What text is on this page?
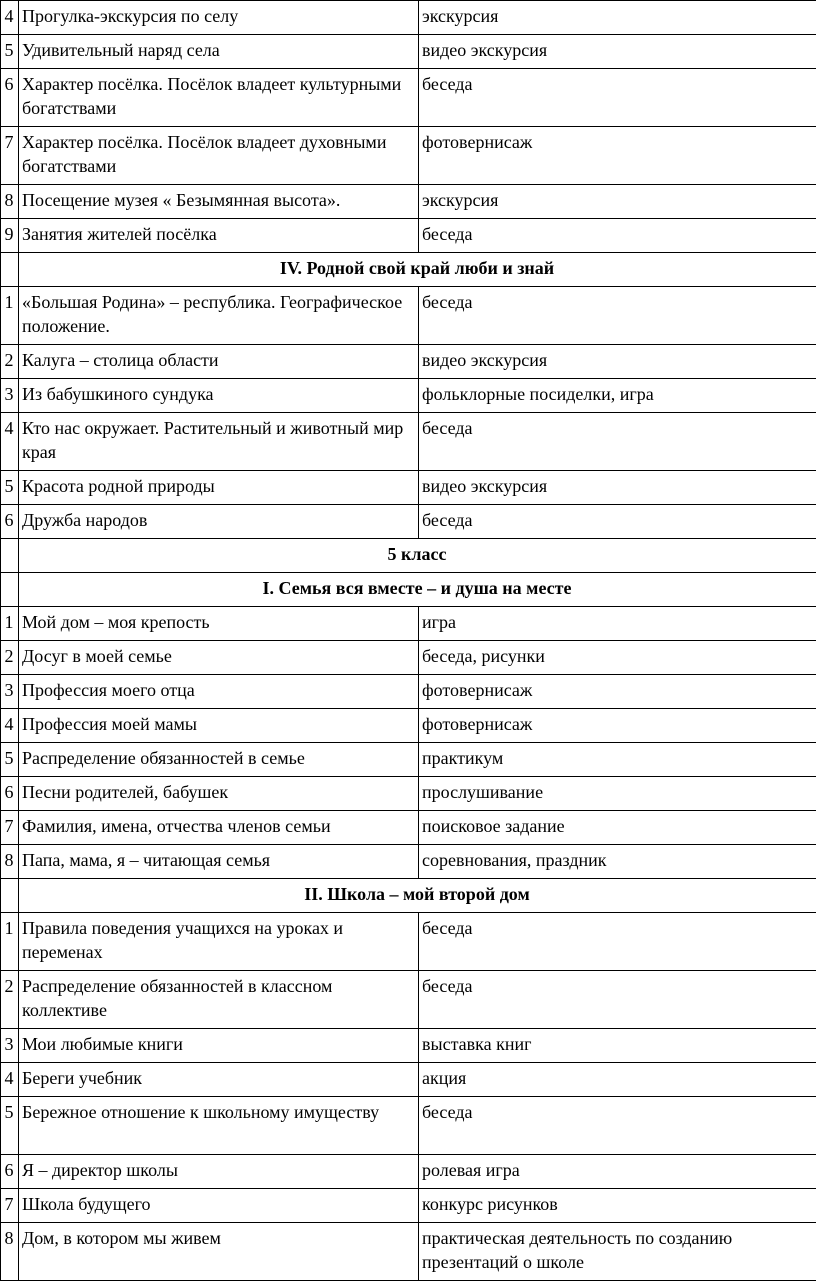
4	Прогулка-экскурсия по селу	экскурсия
5	Удивительный наряд села	видео экскурсия
6	Характер посёлка. Посёлок владеет культурными богатствами	беседа
7	Характер посёлка. Посёлок владеет духовными богатствами	фотовернисаж
8	Посещение музея « Безымянная высота».	экскурсия
9	Занятия жителей посёлка	беседа
	IV. Родной свой край люби и знай	
1	«Большая Родина» – республика. Географическое положение.	беседа
2	Калуга – столица области	видео экскурсия
3	Из бабушкиного сундука	фольклорные посиделки, игра
4	Кто нас окружает. Растительный и животный мир края	беседа
5	Красота родной природы	видео экскурсия
6	Дружба народов	беседа
	5 класс	
	I. Семья вся вместе – и душа на месте	
1	Мой дом – моя крепость	игра
2	Досуг в моей семье	беседа, рисунки
3	Профессия моего отца	фотовернисаж
4	Профессия моей мамы	фотовернисаж
5	Распределение обязанностей в семье	практикум
6	Песни родителей, бабушек	прослушивание
7	Фамилия, имена, отчества членов семьи	поисковое задание
8	Папа, мама, я – читающая семья	соревнования, праздник
	II. Школа – мой второй дом	
1	Правила поведения учащихся на уроках и переменах	беседа
2	Распределение обязанностей в классном коллективе	беседа
3	Мои любимые книги	выставка книг
4	Береги учебник	акция
5	Бережное отношение к школьному имуществу	беседа
6	Я – директор школы	ролевая игра
7	Школа будущего	конкурс рисунков
8	Дом, в котором мы живем	практическая деятельность по созданию презентаций о школе
